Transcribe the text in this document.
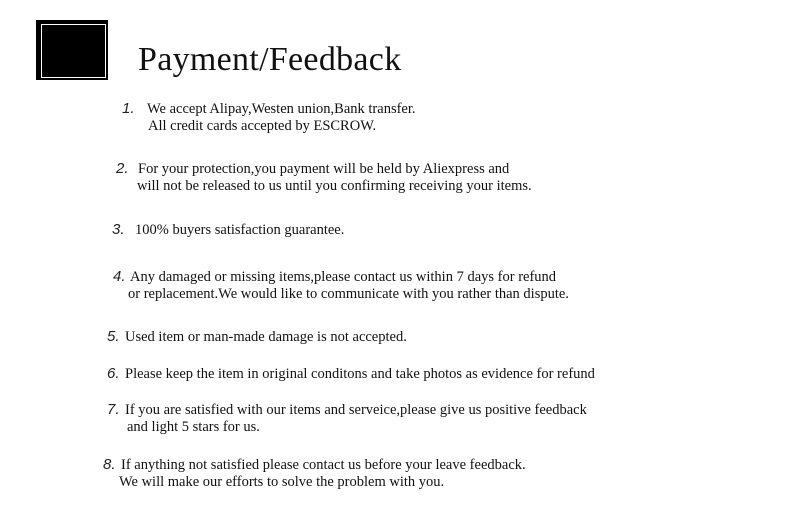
Payment/Feedback
1. We accept Alipay,Westen union,Bank transfer.
All credit cards accepted by ESCROW.
2. For your protection,you payment will be held by Aliexpress and
will not be released to us until you confirming receiving your items.
3. 100% buyers satisfaction guarantee.
4. Any damaged or missing items,please contact us within 7 days for refund
or replacement.We would like to communicate with you rather than dispute.
5. Used item or man-made damage is not accepted.
6. Please keep the item in original conditons and take photos as evidence for refund
7. If you are satisfied with our items and serveice,please give us positive feedback
and light 5 stars for us.
8. If anything not satisfied please contact us before your leave feedback.
We will make our efforts to solve the problem with you.
